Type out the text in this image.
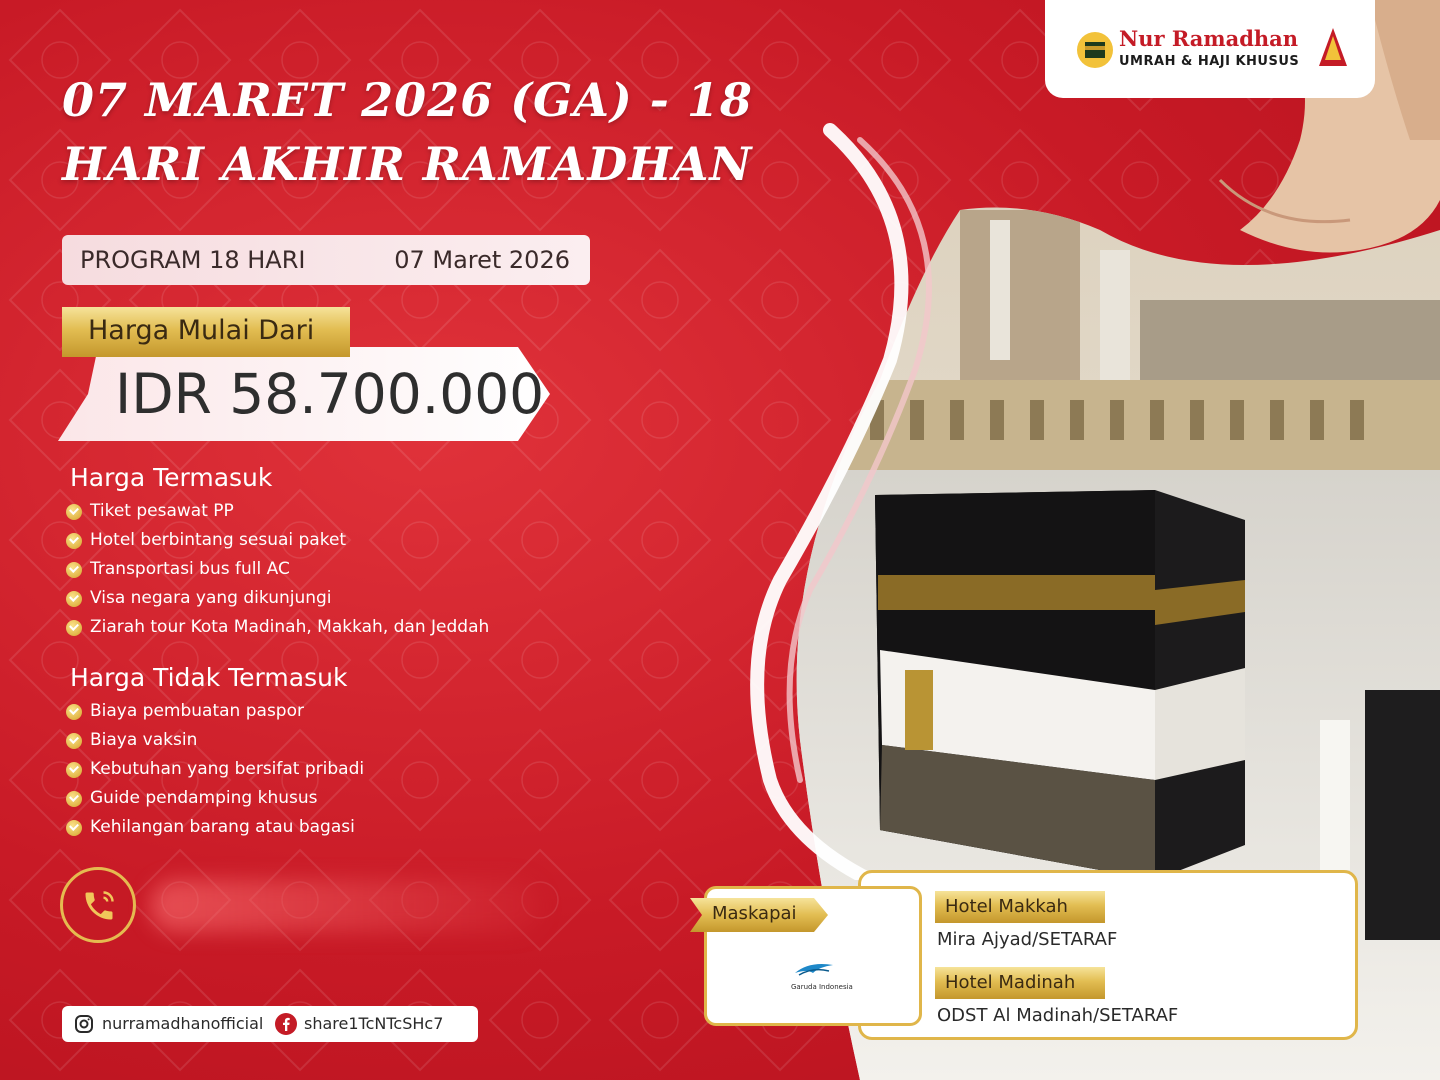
Nur Ramadhan
UMRAH & HAJI KHUSUS
07 MARET 2026 (GA) - 18
HARI AKHIR RAMADHAN
PROGRAM 18 HARI	07 Maret 2026
Harga Mulai Dari
IDR 58.700.000
Harga Termasuk
Tiket pesawat PP
Hotel berbintang sesuai paket
Transportasi bus full AC
Visa negara yang dikunjungi
Ziarah tour Kota Madinah, Makkah, dan Jeddah
Harga Tidak Termasuk
Biaya pembuatan paspor
Biaya vaksin
Kebutuhan yang bersifat pribadi
Guide pendamping khusus
Kehilangan barang atau bagasi
nurramadhanofficial	share1TcNTcSHc7
Hotel Makkah
Mira Ajyad/SETARAF
Hotel Madinah
ODST Al Madinah/SETARAF
Garuda Indonesia
Maskapai
